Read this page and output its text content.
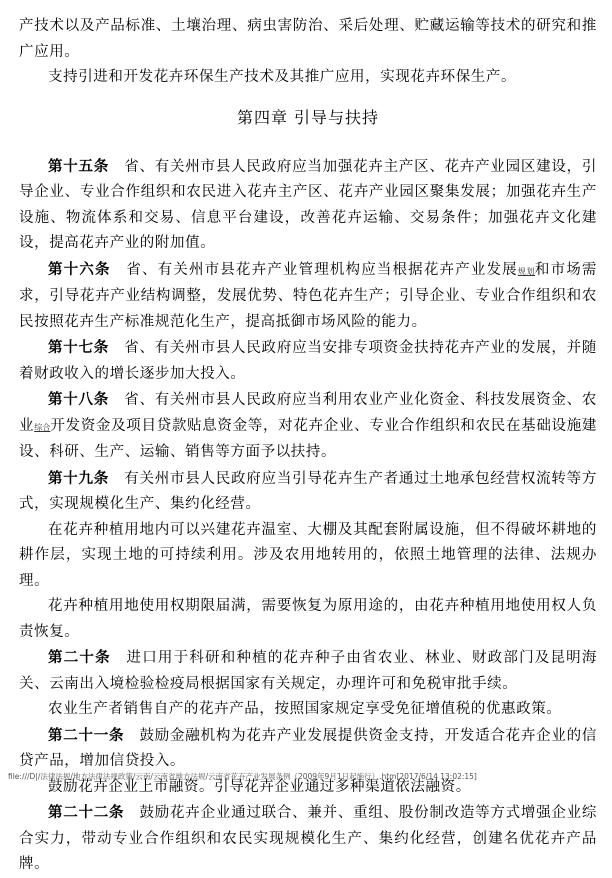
产技术以及产品标准、土壤治理、病虫害防治、采后处理、贮藏运输等技术的研究和推广应用。

支持引进和开发花卉环保生产技术及其推广应用，实现花卉环保生产。

第四章 引导与扶持

第十五条　 省、有关州市县人民政府应当加强花卉主产区、花卉产业园区建设，引导企业、专业合作组织和农民进入花卉主产区、花卉产业园区聚集发展；加强花卉生产设施、物流体系和交易、信息平台建设，改善花卉运输、交易条件；加强花卉文化建设，提高花卉产业的附加值。

第十六条　 省、有关州市县花卉产业管理机构应当根据花卉产业发展规划和市场需求，引导花卉产业结构调整，发展优势、特色花卉生产；引导企业、专业合作组织和农民按照花卉生产标准规范化生产，提高抵御市场风险的能力。

第十七条　 省、有关州市县人民政府应当安排专项资金扶持花卉产业的发展，并随着财政收入的增长逐步加大投入。

第十八条　 省、有关州市县人民政府应当利用农业产业化资金、科技发展资金、农业综合开发资金及项目贷款贴息资金等，对花卉企业、专业合作组织和农民在基础设施建设、科研、生产、运输、销售等方面予以扶持。

第十九条　 有关州市县人民政府应当引导花卉生产者通过土地承包经营权流转等方式，实现规模化生产、集约化经营。

在花卉种植用地内可以兴建花卉温室、大棚及其配套附属设施，但不得破坏耕地的耕作层，实现土地的可持续利用。涉及农用地转用的，依照土地管理的法律、法规办理。

花卉种植用地使用权期限届满，需要恢复为原用途的，由花卉种植用地使用权人负责恢复。

第二十条　 进口用于科研和种植的花卉种子由省农业、林业、财政部门及昆明海关、云南出入境检验检疫局根据国家有关规定，办理许可和免税审批手续。

农业生产者销售自产的花卉产品，按照国家规定享受免征增值税的优惠政策。

第二十一条　 鼓励金融机构为花卉产业发展提供资金支持，开发适合花卉企业的信贷产品，增加信贷投入。

鼓励花卉企业上市融资。引导花卉企业通过多种渠道依法融资。

第二十二条　 鼓励花卉企业通过联合、兼并、重组、股份制改造等方式增强企业综合实力，带动专业合作组织和农民实现规模化生产、集约化经营，创建名优花卉产品牌。

file:///D|/法律法规/地方法律法规政策/云南/云南省地方法规/云南省花卉产业发展条例（2009年9月1日起施行）.htm[2017/6/14 13:02:15]
